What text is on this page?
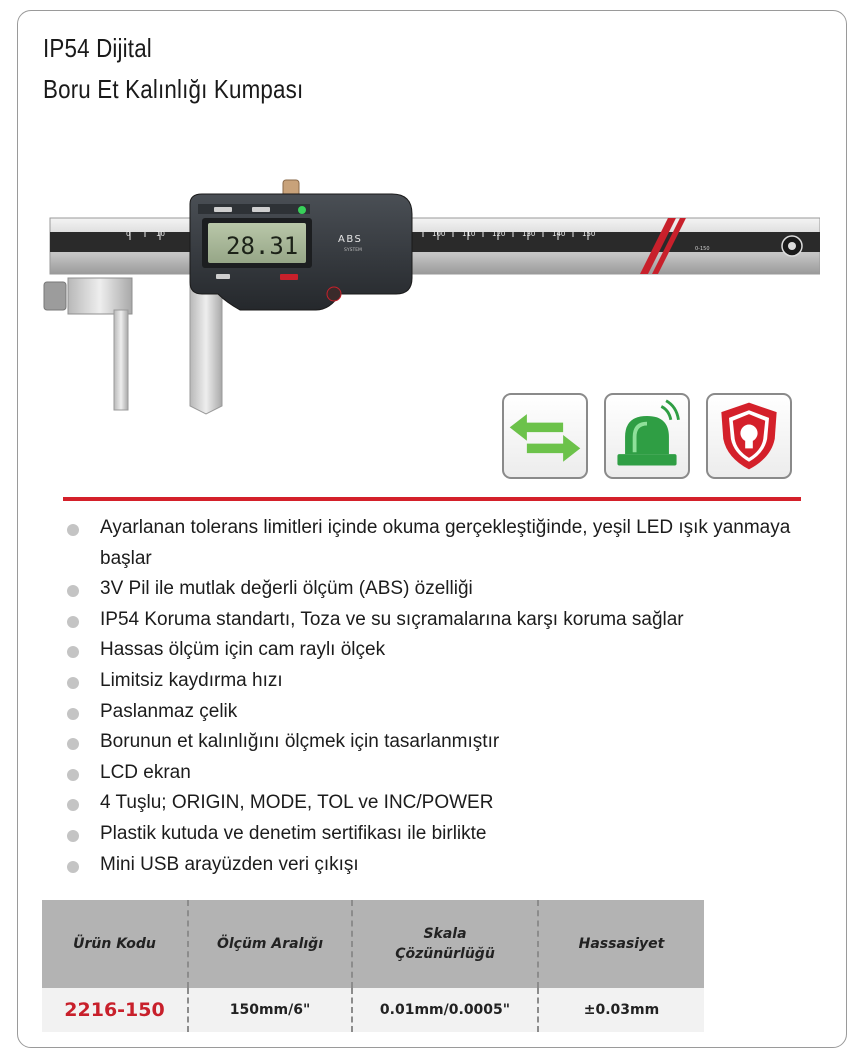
IP54 Dijital
Boru Et Kalınlığı Kumpası
0	10	100 110 120 130 140 150
0-150
28.31	ABS
SYSTEM
Ayarlanan tolerans limitleri içinde okuma gerçekleştiğinde, yeşil LED ışık yanmaya başlar
3V Pil ile mutlak değerli ölçüm (ABS) özelliği
IP54 Koruma standartı, Toza ve su sıçramalarına karşı koruma sağlar
Hassas ölçüm için cam raylı ölçek
Limitsiz kaydırma hızı
Paslanmaz çelik
Borunun et kalınlığını ölçmek için tasarlanmıştır
LCD ekran
4 Tuşlu; ORIGIN, MODE, TOL ve INC/POWER
Plastik kutuda ve denetim sertifikası ile birlikte
Mini USB arayüzden veri çıkışı
Ürün Kodu	Ölçüm Aralığı	Skala Çözünürlüğü	Hassasiyet
2216-150	150mm/6"	0.01mm/0.0005"	±0.03mm
